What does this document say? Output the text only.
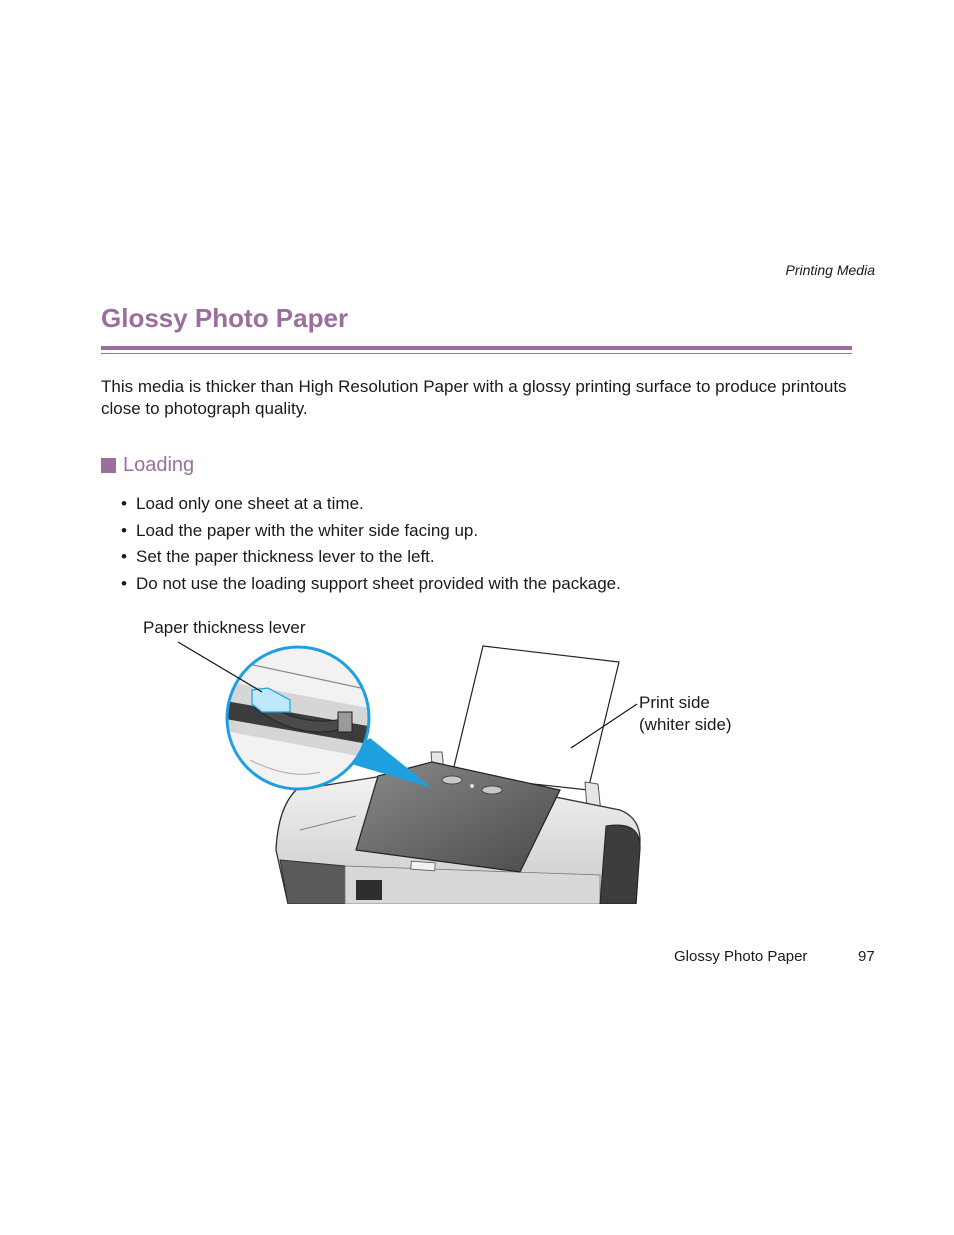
Printing Media
Glossy Photo Paper

This media is thicker than High Resolution Paper with a glossy printing surface to produce printouts close to photograph quality.

Loading
• Load only one sheet at a time.
• Load the paper with the whiter side facing up.
• Set the paper thickness lever to the left.
• Do not use the loading support sheet provided with the package.
Paper thickness lever
Print side
(whiter side)
Glossy Photo Paper	97
